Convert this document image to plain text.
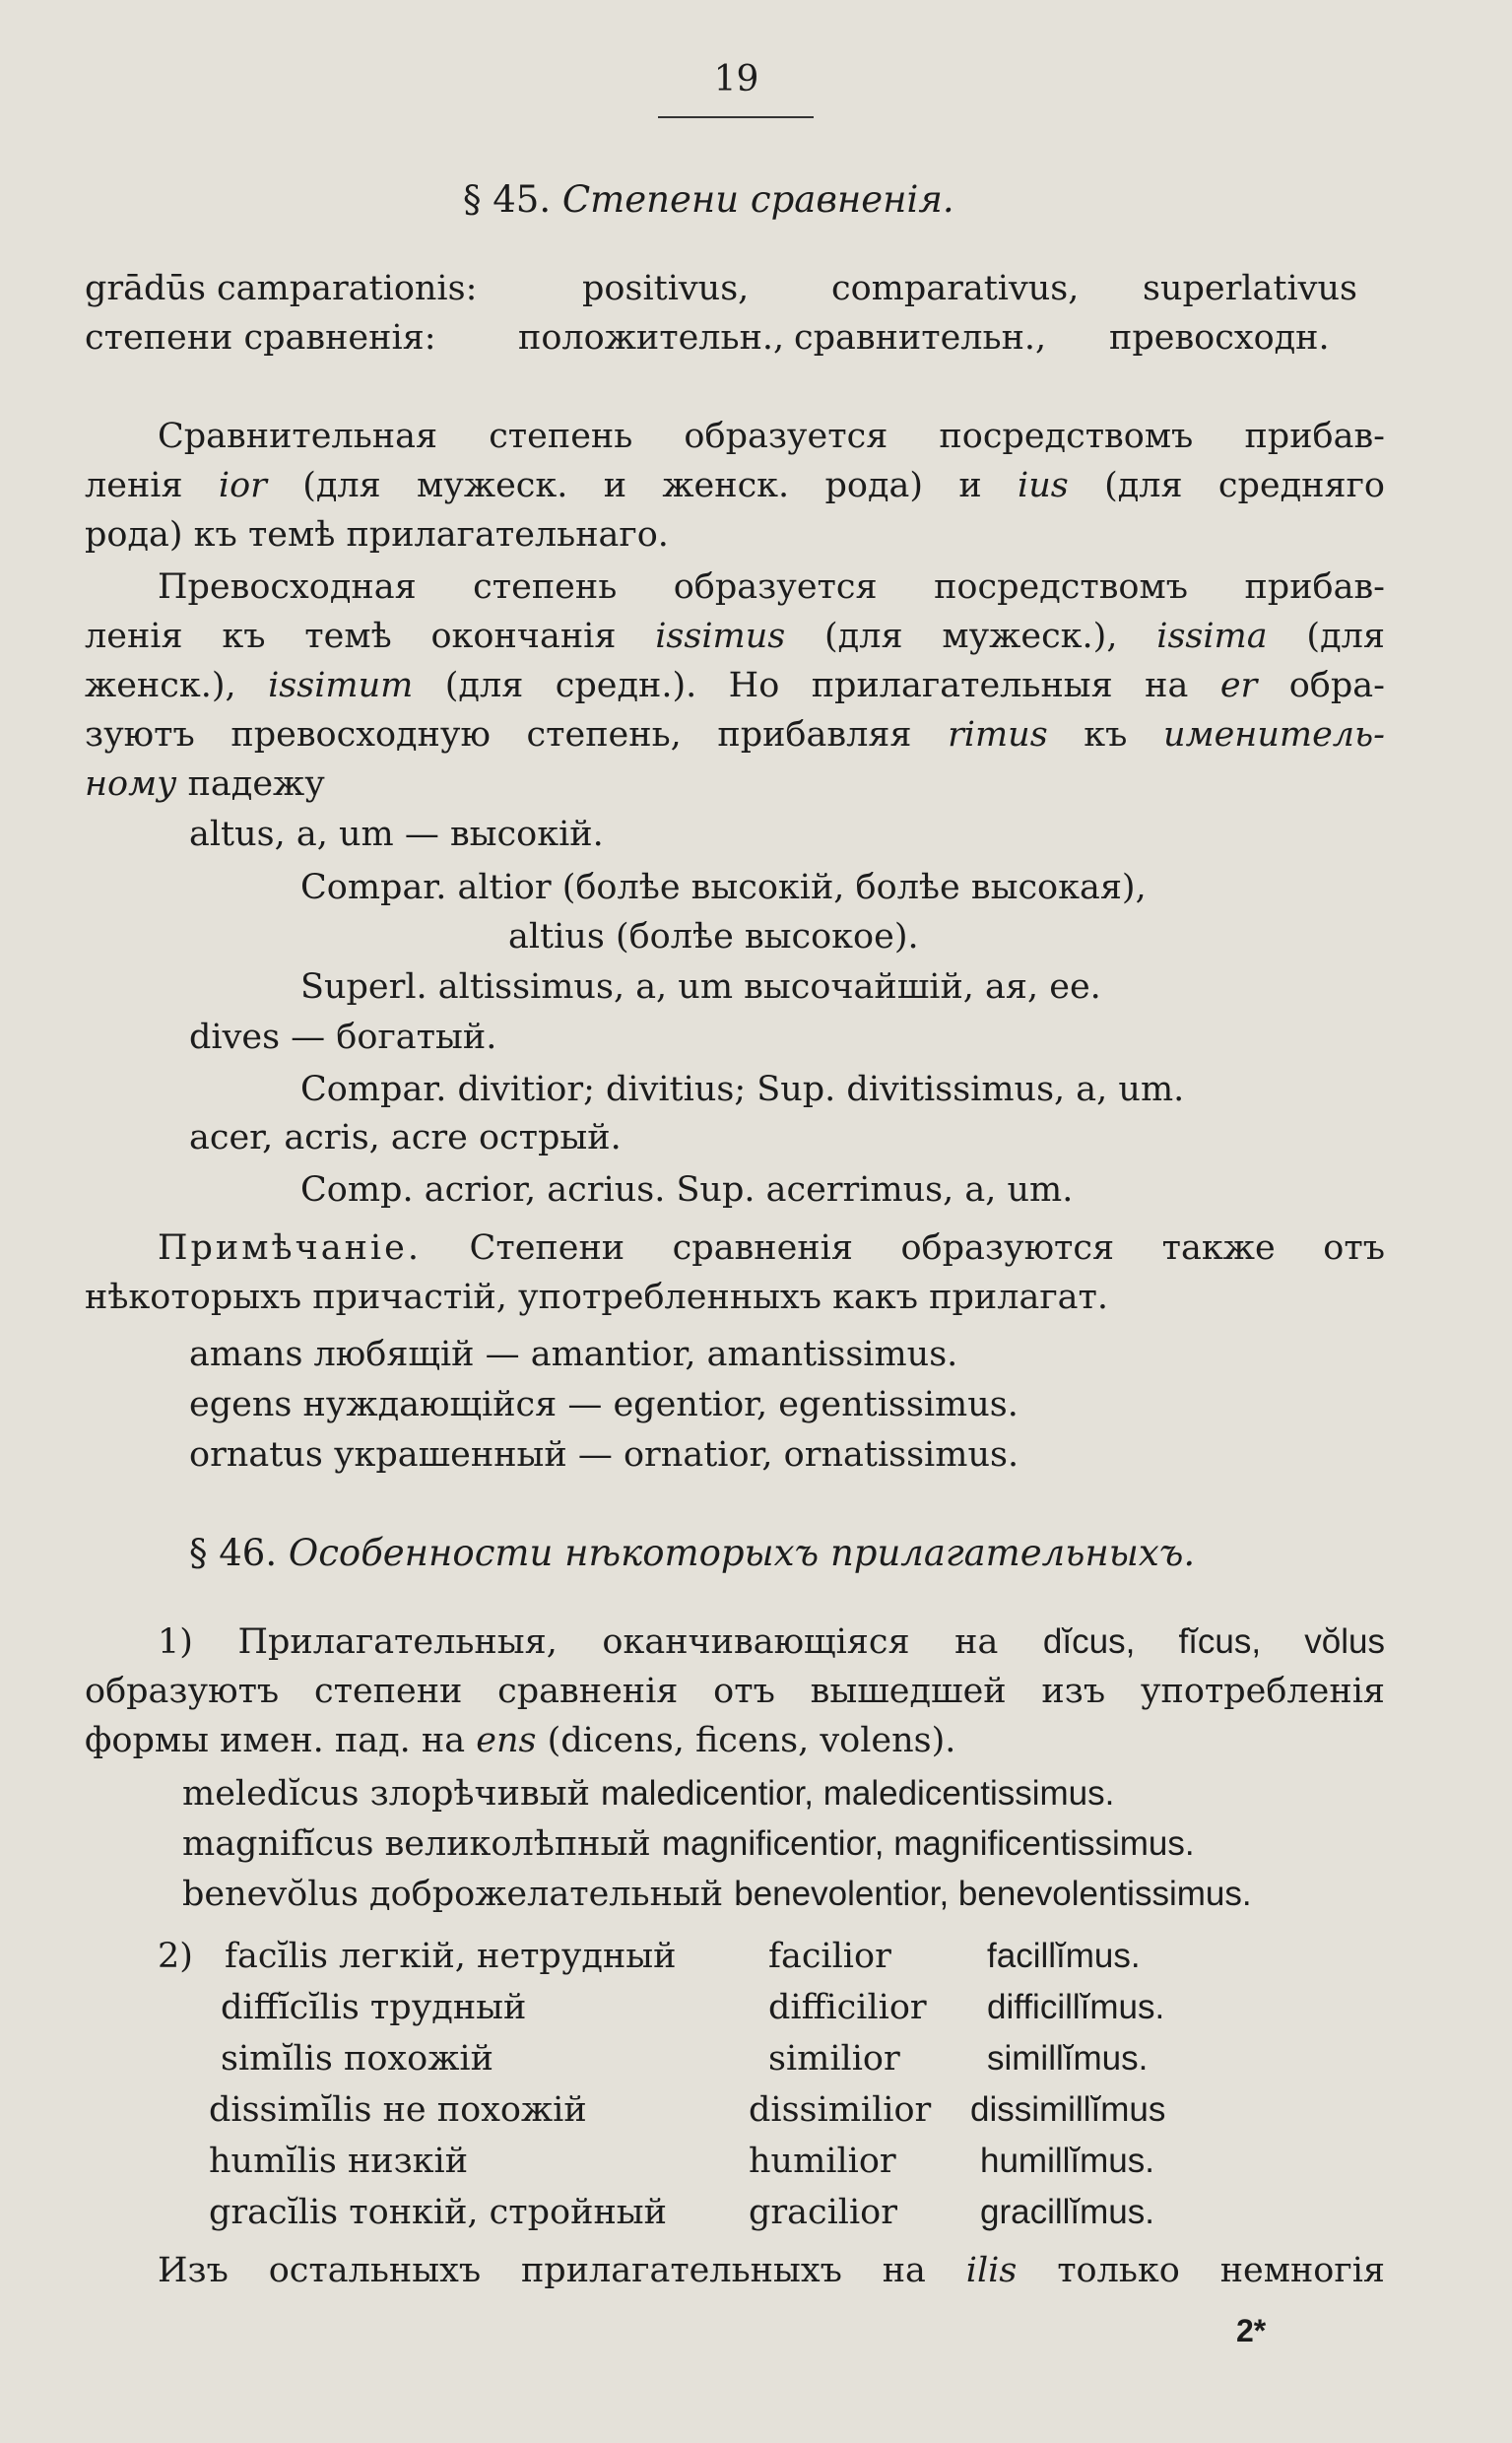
19
§ 45. Степени сравненія.
grādūs camparationis:	positivus, comparativus, superlativus
степени сравненія: положительн., сравнительн., превосходн.
Сравнительная степень образуется посредствомъ прибав-
ленія ior (для мужеск. и женск. рода) и ius (для средняго
рода) къ темѣ прилагательнаго.
Превосходная степень образуется посредствомъ прибав-
ленія къ темѣ окончанія issimus (для мужеск.), issima (для
женск.), issimum (для средн.). Но прилагательныя на er обра-
зуютъ превосходную степень, прибавляя rimus къ именитель-
ному падежу
altus, a, um — высокій.
Compar. altior (болѣе высокій, болѣе высокая),
altius (болѣе высокое).
Superl. altissimus, a, um высочайшій, ая, ее.
dives — богатый.
Compar. divitior; divitius; Sup. divitissimus, a, um.
acer, acris, acre острый.
Comp. acrior, acrius. Sup. acerrimus, a, um.
Примѣчаніе. Степени сравненія образуются также отъ
нѣкоторыхъ причастій, употребленныхъ какъ прилагат.
amans любящій — amantior, amantissimus.
egens нуждающійся — egentior, egentissimus.
ornatus украшенный — ornatior, ornatissimus.
§ 46. Особенности нѣкоторыхъ прилагательныхъ.
1) Прилагательныя, оканчивающіяся на dĭcus, fĭcus, vŏlus
образуютъ степени сравненія отъ вышедшей изъ употребленія
формы имен. пад. на ens (dicens, ficens, volens).
meledĭcus злорѣчивый maledicentior, maledicentissimus.
magnifĭcus великолѣпный magnificentior, magnificentissimus.
benevŏlus доброжелательный benevolentior, benevolentissimus.
2) facĭlis легкій, нетрудный	facilior	facillĭmus.
diffĭcĭlis трудный	difficilior difficillĭmus.
simĭlis похожій	similior	simillĭmus.
dissimĭlis не похожій	dissimilior dissimillĭmus
humĭlis низкій	humilior humillĭmus.
gracĭlis тонкій, стройный gracilior gracillĭmus.
Изъ остальныхъ прилагательныхъ на ilis только немногія
2*
